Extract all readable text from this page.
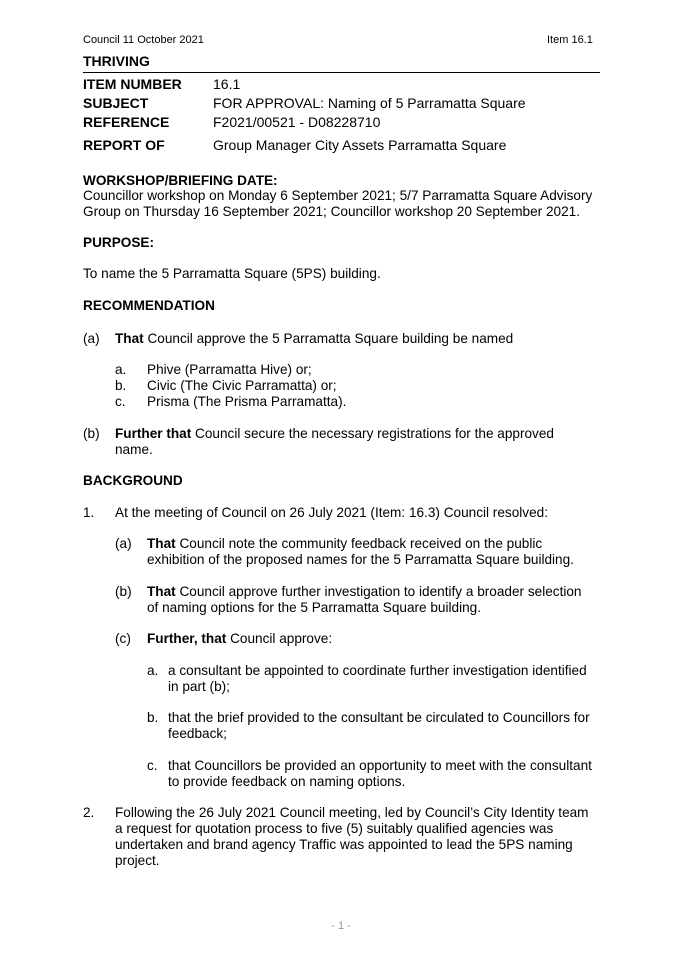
Council 11 October 2021	Item 16.1
THRIVING
ITEM NUMBER 16.1
SUBJECT	FOR APPROVAL: Naming of 5 Parramatta Square
REFERENCE	F2021/00521 - D08228710
REPORT OF	Group Manager City Assets Parramatta Square
WORKSHOP/BRIEFING DATE:
Councillor workshop on Monday 6 September 2021; 5/7 Parramatta Square Advisory
Group on Thursday 16 September 2021; Councillor workshop 20 September 2021.
PURPOSE:
To name the 5 Parramatta Square (5PS) building.
RECOMMENDATION
(a) That Council approve the 5 Parramatta Square building be named
a. Phive (Parramatta Hive) or;
b. Civic (The Civic Parramatta) or;
c. Prisma (The Prisma Parramatta).
(b) Further that Council secure the necessary registrations for the approved
name.
BACKGROUND
1. At the meeting of Council on 26 July 2021 (Item: 16.3) Council resolved:
(a) That Council note the community feedback received on the public
exhibition of the proposed names for the 5 Parramatta Square building.
(b) That Council approve further investigation to identify a broader selection
of naming options for the 5 Parramatta Square building.
(c) Further, that Council approve:
a. a consultant be appointed to coordinate further investigation identified
in part (b);
b. that the brief provided to the consultant be circulated to Councillors for
feedback;
c. that Councillors be provided an opportunity to meet with the consultant
to provide feedback on naming options.
2. Following the 26 July 2021 Council meeting, led by Council’s City Identity team
a request for quotation process to five (5) suitably qualified agencies was
undertaken and brand agency Traffic was appointed to lead the 5PS naming
project.
- 1 -
